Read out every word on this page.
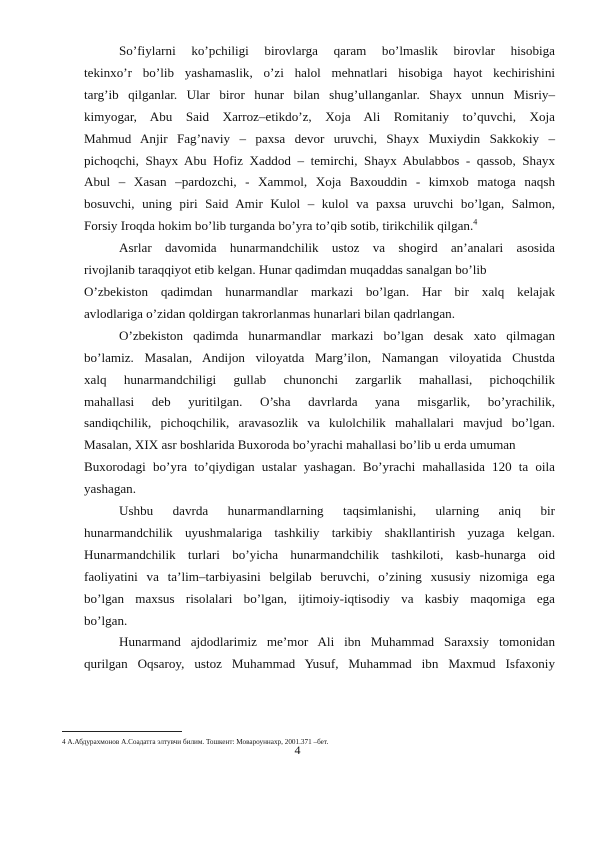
So’fiylarni ko’pchiligi birovlarga qaram bo’lmaslik birovlar hisobiga

tekinxo’r bo’lib yashamaslik, o’zi halol mehnatlari hisobiga hayot kechirishini

targ’ib qilganlar. Ular biror hunar bilan shug’ullanganlar. Shayx unnun Misriy–

kimyogar, Abu Said Xarroz–etikdo’z, Xoja Ali Romitaniy to’quvchi, Xoja

Mahmud Anjir Fag’naviy – paxsa devor uruvchi, Shayx Muxiydin Sakkokiy –

pichoqchi, Shayx Abu Hofiz Xaddod – temirchi, Shayx Abulabbos - qassob, Shayx

Abul – Xasan –pardozchi, - Xammol, Xoja Baxouddin - kimxob matoga naqsh

bosuvchi, uning piri Said Amir Kulol – kulol va paxsa uruvchi bo’lgan, Salmon,

Forsiy Iroqda hokim bo’lib turganda bo’yra to’qib sotib, tirikchilik qilgan.$^4$

Asrlar davomida hunarmandchilik ustoz va shogird an’analari asosida

rivojlanib taraqqiyot etib kelgan. Hunar qadimdan muqaddas sanalgan bo’lib

O’zbekiston qadimdan hunarmandlar markazi bo’lgan. Har bir xalq kelajak

avlodlariga o’zidan qoldirgan takrorlanmas hunarlari bilan qadrlangan.

O’zbekiston qadimda hunarmandlar markazi bo’lgan desak xato qilmagan

bo’lamiz. Masalan, Andijon viloyatda Marg’ilon, Namangan viloyatida Chustda

xalq hunarmandchiligi gullab chunonchi zargarlik mahallasi, pichoqchilik

mahallasi deb yuritilgan. O’sha davrlarda yana misgarlik, bo’yrachilik,

sandiqchilik, pichoqchilik, aravasozlik va kulolchilik mahallalari mavjud bo’lgan.

Masalan, XIX asr boshlarida Buxoroda bo’yrachi mahallasi bo’lib u erda umuman

Buxorodagi bo’yra to’qiydigan ustalar yashagan. Bo’yrachi mahallasida 120 ta oila

yashagan.

Ushbu davrda hunarmandlarning taqsimlanishi, ularning aniq bir

hunarmandchilik uyushmalariga tashkiliy tarkibiy shakllantirish yuzaga kelgan.

Hunarmandchilik turlari bo’yicha hunarmandchilik tashkiloti, kasb-hunarga oid

faoliyatini va ta’lim–tarbiyasini belgilab beruvchi, o’zining xususiy nizomiga ega

bo’lgan maxsus risolalari bo’lgan, ijtimoiy-iqtisodiy va kasbiy maqomiga ega

bo’lgan.

Hunarmand ajdodlarimiz me’mor Ali ibn Muhammad Saraxsiy tomonidan

qurilgan Oqsaroy, ustoz Muhammad Yusuf, Muhammad ibn Maxmud Isfaxoniy

4 А.Абдурахмонов А.Соадатга элтувчи билим. Тошкент: Мовароуннахр, 2001.371 –бет.
4
